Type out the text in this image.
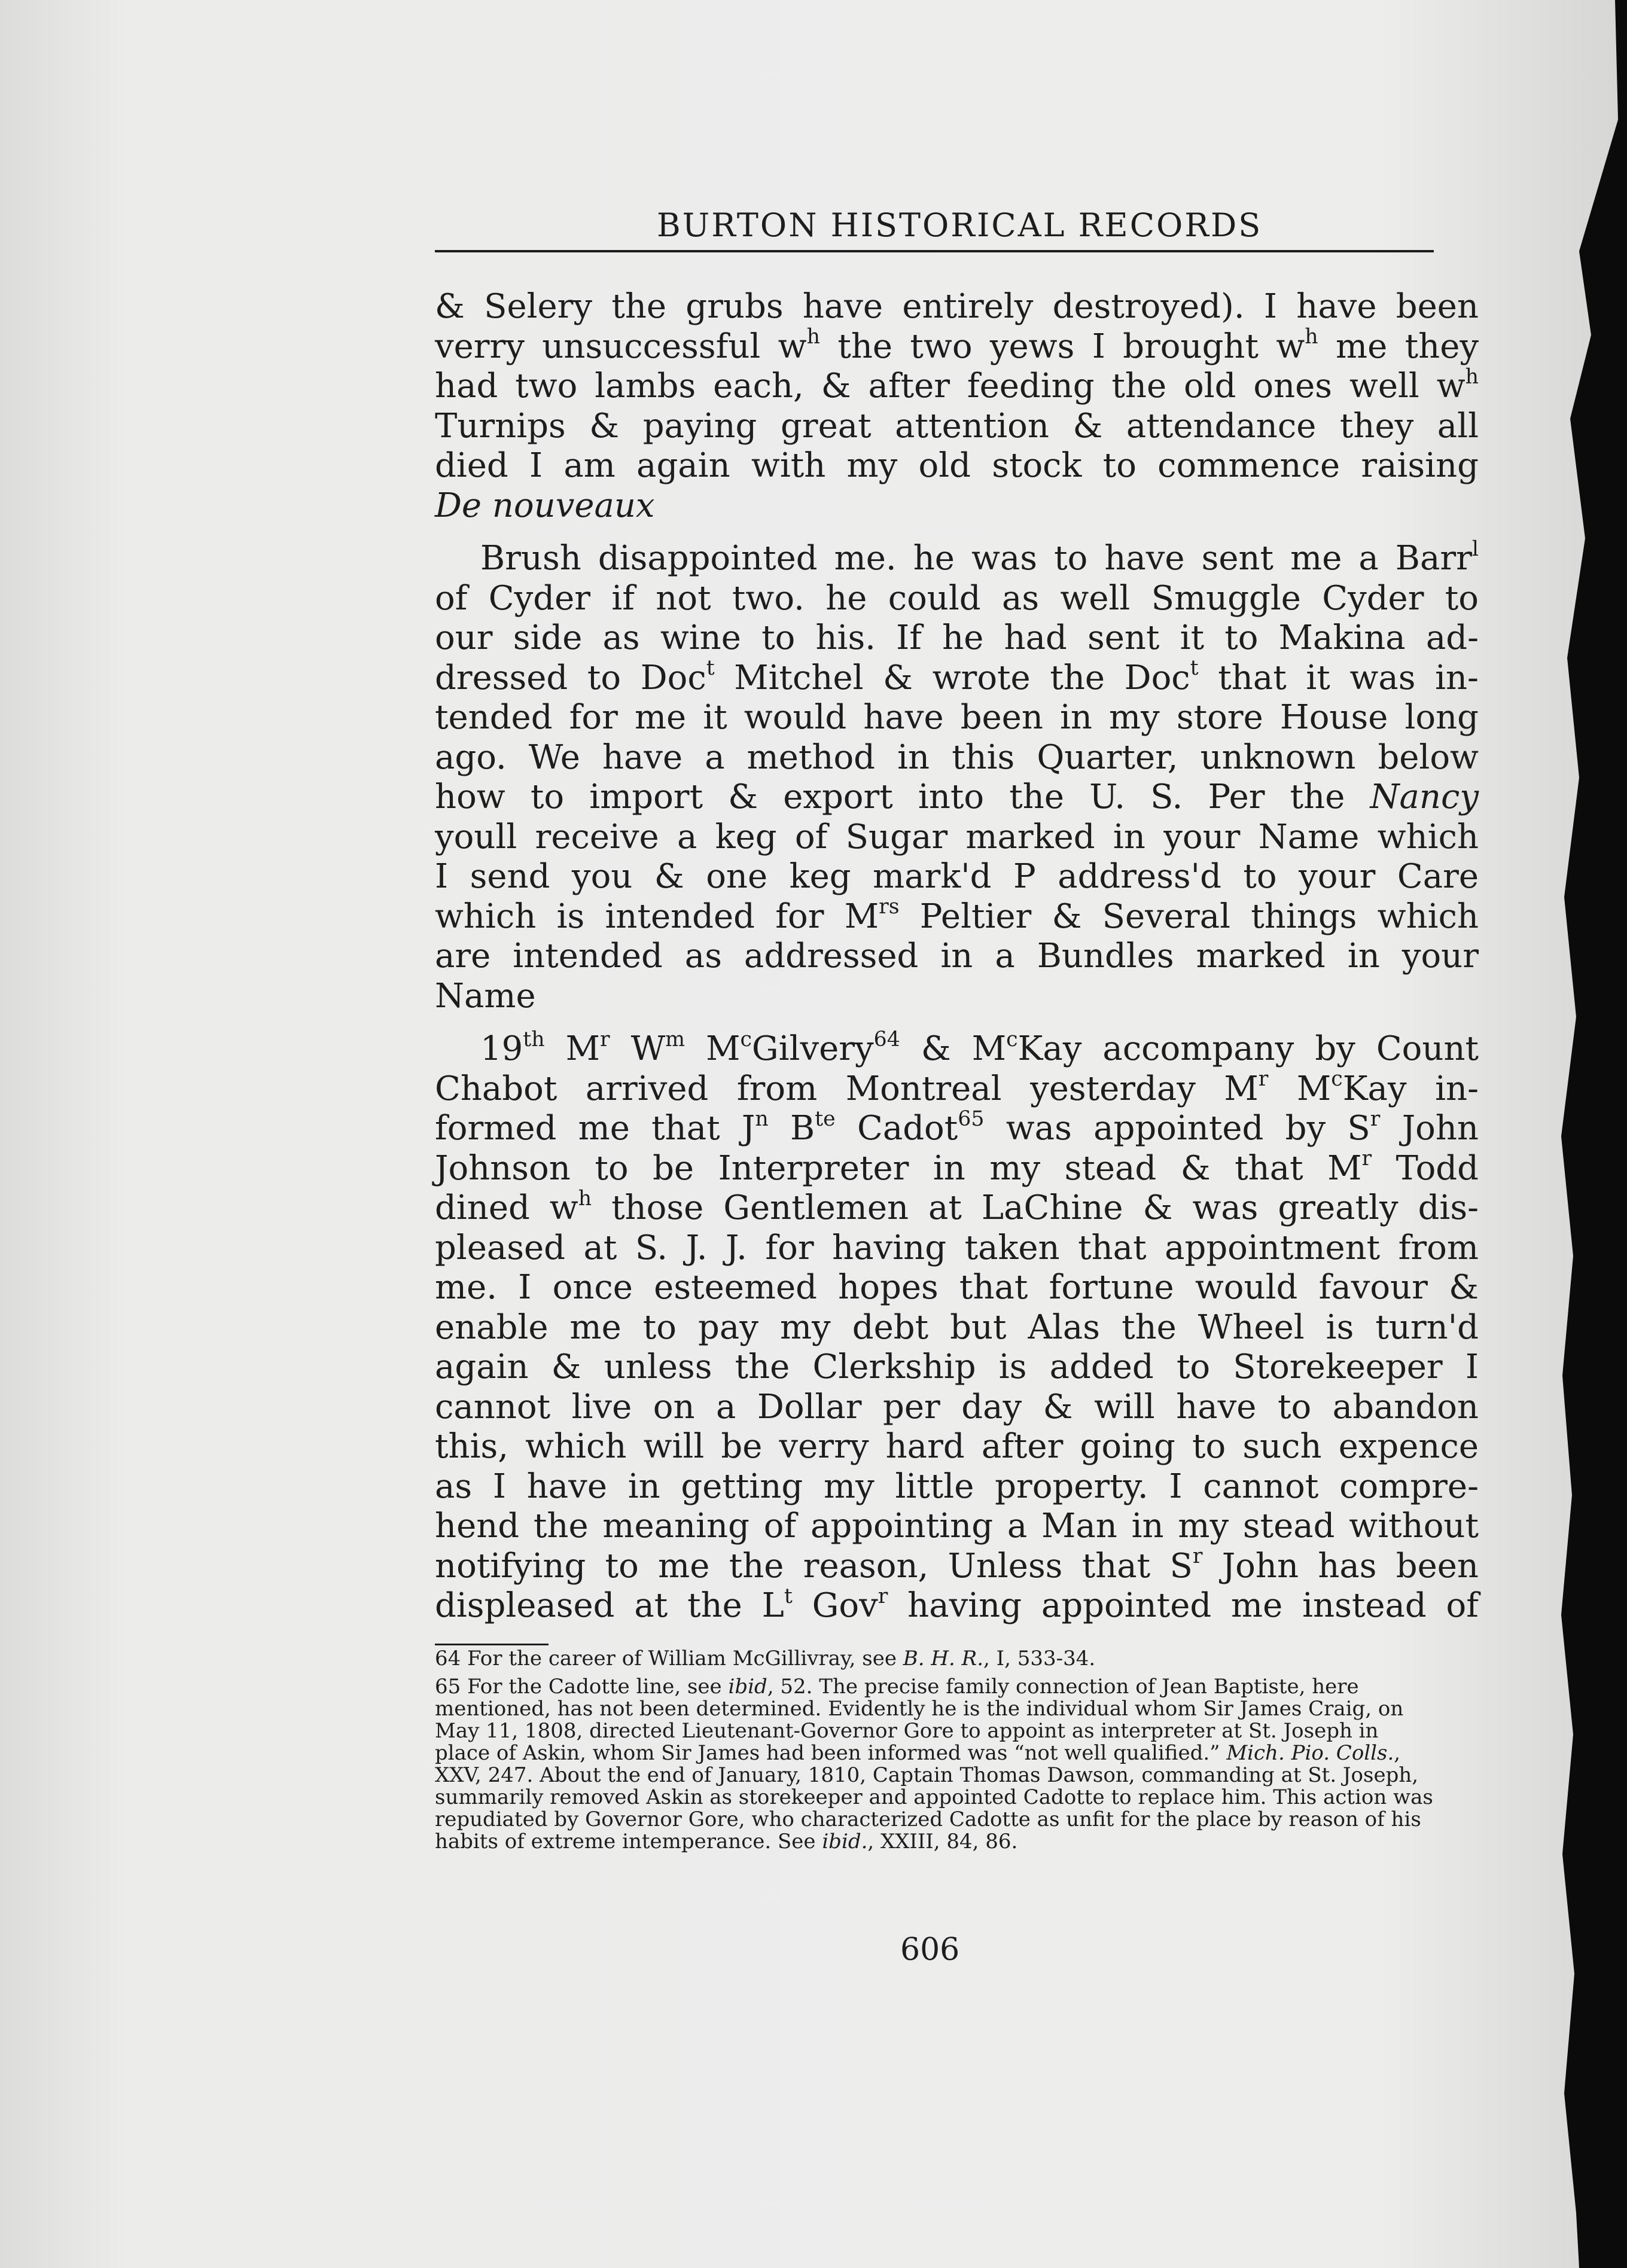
BURTON HISTORICAL RECORDS

& Selery the grubs have entirely destroyed). I have been
verry unsuccessful $w^h$ the two yews I brought $w^h$ me they
had two lambs each, & after feeding the old ones well $w^h$
Turnips & paying great attention & attendance they all
died I am again with my old stock to commence raising
De nouveaux

Brush disappointed me. he was to have sent me a Barr$^l$
of Cyder if not two. he could as well Smuggle Cyder to
our side as wine to his. If he had sent it to Makina ad-
dressed to Doc$^t$ Mitchel & wrote the Doc$^t$ that it was in-
tended for me it would have been in my store House long
ago. We have a method in this Quarter, unknown below
how to import & export into the U. S. Per the Nancy
youll receive a keg of Sugar marked in your Name which
I send you & one keg mark'd P address'd to your Care
which is intended for $M^{rs}$ Peltier & Several things which
are intended as addressed in a Bundles marked in your
Name

19th $M^r$ $W^m$ $M^cGilvery^{64}$ & $M^cKay$ accompany by Count
Chabot arrived from Montreal yesterday $M^r$ $M^cKay$ in-
formed me that $J^n$ $B^{te}$ Cadot$^{65}$ was appointed by $S^r$ John
Johnson to be Interpreter in my stead & that $M^r$ Todd
dined $w^h$ those Gentlemen at LaChine & was greatly dis-
pleased at S. J. J. for having taken that appointment from
me. I once esteemed hopes that fortune would favour &
enable me to pay my debt but Alas the Wheel is turn'd
again & unless the Clerkship is added to Storekeeper I
cannot live on a Dollar per day & will have to abandon
this, which will be verry hard after going to such expence
as I have in getting my little property. I cannot compre-
hend the meaning of appointing a Man in my stead without
notifying to me the reason, Unless that $S^r$ John has been
displeased at the $L^t$ Gov$^r$ having appointed me instead of

64 For the career of William McGillivray, see B. H. R., I, 533-34.

65 For the Cadotte line, see ibid, 52. The precise family connection of Jean Baptiste, here mentioned, has not been determined. Evidently he is the individual whom Sir James Craig, on May 11, 1808, directed Lieutenant-Governor Gore to appoint as interpreter at St. Joseph in place of Askin, whom Sir James had been informed was “not well qualified.” Mich. Pio. Colls., XXV, 247. About the end of January, 1810, Captain Thomas Dawson, commanding at St. Joseph, summarily removed Askin as storekeeper and appointed Cadotte to replace him. This action was repudiated by Governor Gore, who characterized Cadotte as unfit for the place by reason of his habits of extreme intemperance. See ibid., XXIII, 84, 86.

606
